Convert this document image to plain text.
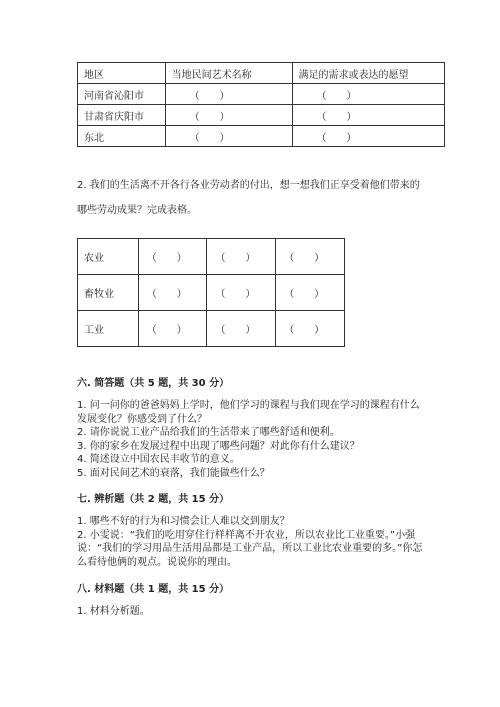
地区	当地民间艺术名称	满足的需求或表达的愿望
河南省沁阳市	（　　）	（　　）
甘肃省庆阳市	（　　）	（　　）
东北	（　　）	（　　）
2. 我们的生活离不开各行各业劳动者的付出，想一想我们正享受着他们带来的
哪些劳动成果？完成表格。
农业	（　　）	（　　）	（　　）
畜牧业	（　　）	（　　）	（　　）
工业	（　　）	（　　）	（　　）
六. 简答题（共 5 题，共 30 分）
1. 问一问你的爸爸妈妈上学时，他们学习的课程与我们现在学习的课程有什么发展变化？你感受到了什么？
2. 请你说说工业产品给我们的生活带来了哪些舒适和便利。
3. 你的家乡在发展过程中出现了哪些问题？对此你有什么建议？
4. 简述设立中国农民丰收节的意义。
5. 面对民间艺术的衰落，我们能做些什么？
七. 辨析题（共 2 题，共 15 分）
1. 哪些不好的行为和习惯会让人难以交到朋友？
2. 小雯说：“我们的吃用穿住行样样离不开农业，所以农业比工业重要。”小强说：“我们的学习用品生活用品都是工业产品，所以工业比农业重要的多。”你怎么看待他俩的观点。说说你的理由。
八. 材料题（共 1 题，共 15 分）
1. 材料分析题。
